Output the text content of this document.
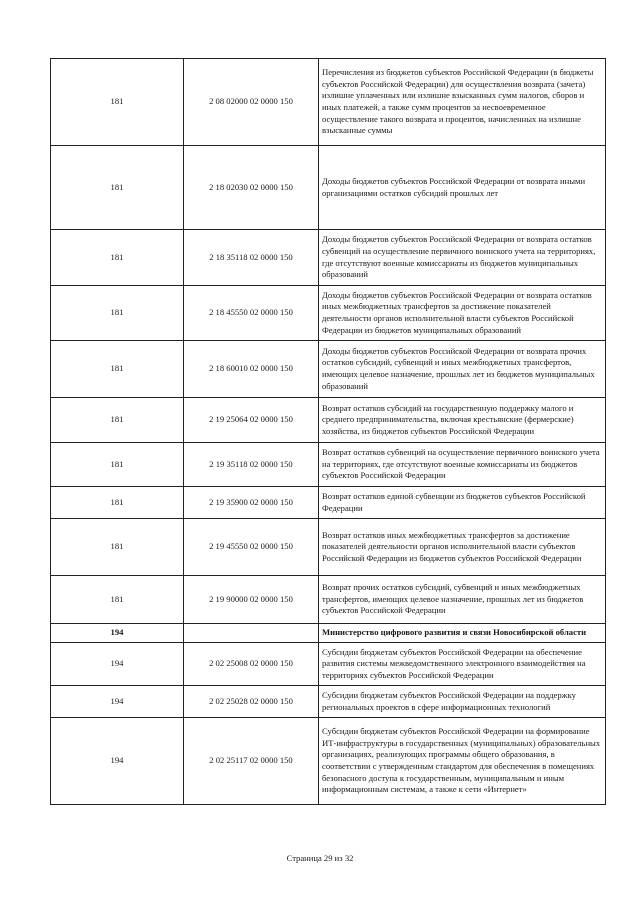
181	2 08 02000 02 0000 150	Перечисления из бюджетов субъектов Российской Федерации (в бюджеты субъектов Российской Федерации) для осуществления возврата (зачета) излишне уплаченных или излишне взысканных сумм налогов, сборов и иных платежей, а также сумм процентов за несвоевременное осуществление такого возврата и процентов, начисленных на излишне взысканные суммы
181	2 18 02030 02 0000 150	Доходы бюджетов субъектов Российской Федерации от возврата иными организациями остатков субсидий прошлых лет
181	2 18 35118 02 0000 150	Доходы бюджетов субъектов Российской Федерации от возврата остатков субвенций на осуществление первичного воинского учета на территориях, где отсутствуют военные комиссариаты из бюджетов муниципальных образований
181	2 18 45550 02 0000 150	Доходы бюджетов субъектов Российской Федерации от возврата остатков иных межбюджетных трансфертов за достижение показателей деятельности органов исполнительной власти субъектов Российской Федерации из бюджетов муниципальных образований
181	2 18 60010 02 0000 150	Доходы бюджетов субъектов Российской Федерации от возврата прочих остатков субсидий, субвенций и иных межбюджетных трансфертов, имеющих целевое назначение, прошлых лет из бюджетов муниципальных образований
181	2 19 25064 02 0000 150	Возврат остатков субсидий на государственную поддержку малого и среднего предпринимательства, включая крестьянские (фермерские) хозяйства, из бюджетов субъектов Российской Федерации
181	2 19 35118 02 0000 150	Возврат остатков субвенций на осуществление первичного воинского учета на территориях, где отсутствуют военные комиссариаты из бюджетов субъектов Российской Федерации
181	2 19 35900 02 0000 150	Возврат остатков единой субвенции из бюджетов субъектов Российской Федерации
181	2 19 45550 02 0000 150	Возврат остатков иных межбюджетных трансфертов за достижение показателей деятельности органов исполнительной власти субъектов Российской Федерации из бюджетов субъектов Российской Федерации
181	2 19 90000 02 0000 150	Возврат прочих остатков субсидий, субвенций и иных межбюджетных трансфертов, имеющих целевое назначение, прошлых лет из бюджетов субъектов Российской Федерации
194		Министерство цифрового развития и связи Новосибирской области
194	2 02 25008 02 0000 150	Субсидии бюджетам субъектов Российской Федерации на обеспечение развития системы межведомственного электронного взаимодействия на территориях субъектов Российской Федерации
194	2 02 25028 02 0000 150	Субсидии бюджетам субъектов Российской Федерации на поддержку региональных проектов в сфере информационных технологий
194	2 02 25117 02 0000 150	Субсидии бюджетам субъектов Российской Федерации на формирование ИТ-инфраструктуры в государственных (муниципальных) образовательных организациях, реализующих программы общего образования, в соответствии с утвержденным стандартом для обеспечения в помещениях безопасного доступа к государственным, муниципальным и иным информационным системам, а также к сети «Интернет»
Страница 29 из 32
